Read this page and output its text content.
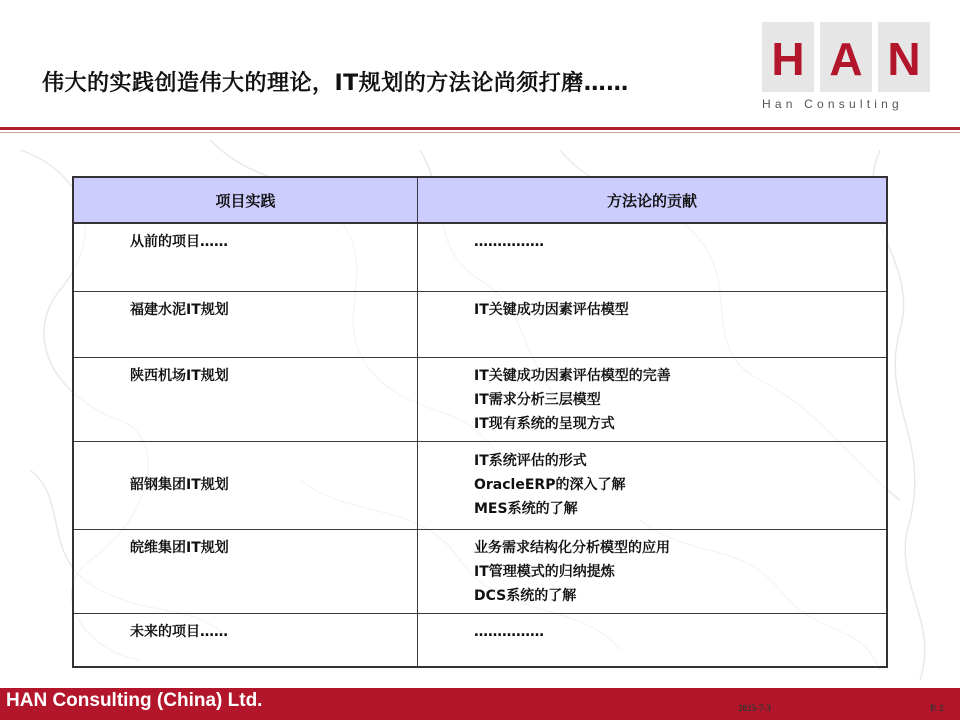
伟大的实践创造伟大的理论，IT规划的方法论尚须打磨……	H A N
Han Consulting
项目实践	方法论的贡献

从前的项目……	……………

福建水泥IT规划	IT关键成功因素评估模型

陕西机场IT规划	IT关键成功因素评估模型的完善
IT需求分析三层模型
IT现有系统的呈现方式

韶钢集团IT规划	IT系统评估的形式
OracleERP的深入了解
MES系统的了解

皖维集团IT规划	业务需求结构化分析模型的应用
IT管理模式的归纳提炼
DCS系统的了解

未来的项目……	……………
HAN Consulting (China) Ltd.	2025-7-3	P. 2
